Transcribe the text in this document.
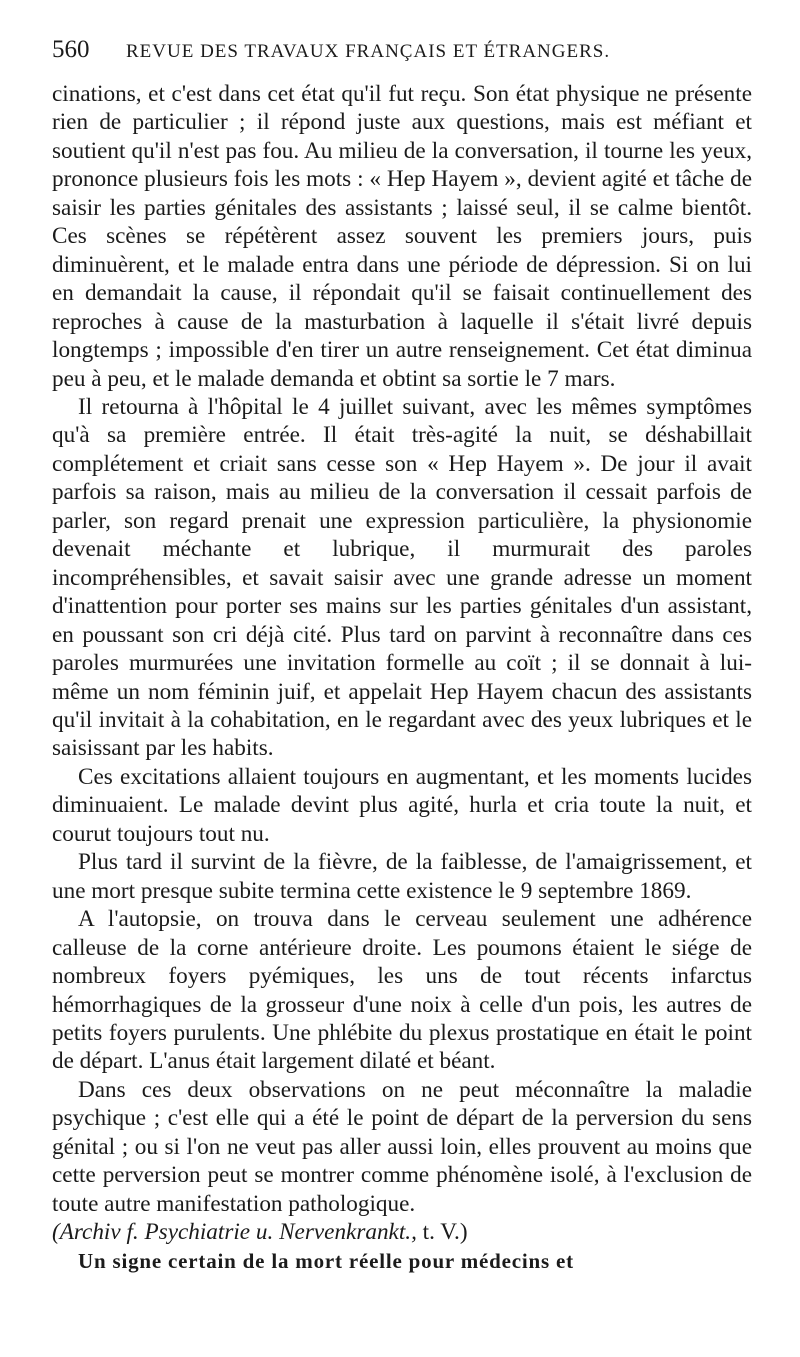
560	REVUE DES TRAVAUX FRANÇAIS ET ÉTRANGERS.

cinations, et c'est dans cet état qu'il fut reçu. Son état physique ne présente rien de particulier ; il répond juste aux questions, mais est méfiant et soutient qu'il n'est pas fou. Au milieu de la conversation, il tourne les yeux, prononce plusieurs fois les mots : « Hep Hayem », devient agité et tâche de saisir les parties génitales des assistants ; laissé seul, il se calme bientôt. Ces scènes se répétèrent assez souvent les premiers jours, puis diminuèrent, et le malade entra dans une période de dépression. Si on lui en demandait la cause, il répondait qu'il se faisait continuellement des reproches à cause de la masturbation à laquelle il s'était livré depuis longtemps ; impossible d'en tirer un autre renseignement. Cet état diminua peu à peu, et le malade demanda et obtint sa sortie le 7 mars.

Il retourna à l'hôpital le 4 juillet suivant, avec les mêmes symptômes qu'à sa première entrée. Il était très-agité la nuit, se déshabillait complétement et criait sans cesse son « Hep Hayem ». De jour il avait parfois sa raison, mais au milieu de la conversation il cessait parfois de parler, son regard prenait une expression particulière, la physionomie devenait méchante et lubrique, il murmurait des paroles incompréhensibles, et savait saisir avec une grande adresse un moment d'inattention pour porter ses mains sur les parties génitales d'un assistant, en poussant son cri déjà cité. Plus tard on parvint à reconnaître dans ces paroles murmurées une invitation formelle au coït ; il se donnait à lui-même un nom féminin juif, et appelait Hep Hayem chacun des assistants qu'il invitait à la cohabitation, en le regardant avec des yeux lubriques et le saisissant par les habits.

Ces excitations allaient toujours en augmentant, et les moments lucides diminuaient. Le malade devint plus agité, hurla et cria toute la nuit, et courut toujours tout nu.

Plus tard il survint de la fièvre, de la faiblesse, de l'amaigrissement, et une mort presque subite termina cette existence le 9 septembre 1869.

A l'autopsie, on trouva dans le cerveau seulement une adhérence calleuse de la corne antérieure droite. Les poumons étaient le siége de nombreux foyers pyémiques, les uns de tout récents infarctus hémorrhagiques de la grosseur d'une noix à celle d'un pois, les autres de petits foyers purulents. Une phlébite du plexus prostatique en était le point de départ. L'anus était largement dilaté et béant.

Dans ces deux observations on ne peut méconnaître la maladie psychique ; c'est elle qui a été le point de départ de la perversion du sens génital ; ou si l'on ne veut pas aller aussi loin, elles prouvent au moins que cette perversion peut se montrer comme phénomène isolé, à l'exclusion de toute autre manifestation pathologique.

(Archiv f. Psychiatrie u. Nervenkrankt., t. V.)

Un signe certain de la mort réelle pour médecins et
